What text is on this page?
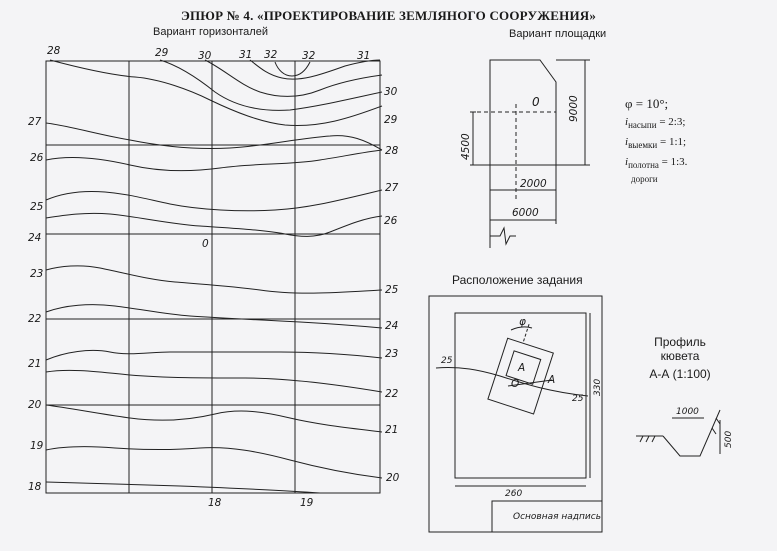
ЭПЮР № 4. «ПРОЕКТИРОВАНИЕ ЗЕМЛЯНОГО СООРУЖЕНИЯ»
Вариант горизонталей
28	29	30	31 32 32	31
30
29
28
27
26
25
24
23
22
21
20
27
26
25
24
23
22
21
20
19
18
18	19
0
Вариант площадки
0	9000
4500
2000
6000
φ = 10°;
$i_{насыпи}$ = 2:3;
$i_{выемки}$ = 1:1;
$i_{полотна}$ = 1:3.
дороги
Расположение задания
φ
A
A
O
25
25
330
260
Основная надпись
Профиль
кювета
А-А (1:100)
1000
500
